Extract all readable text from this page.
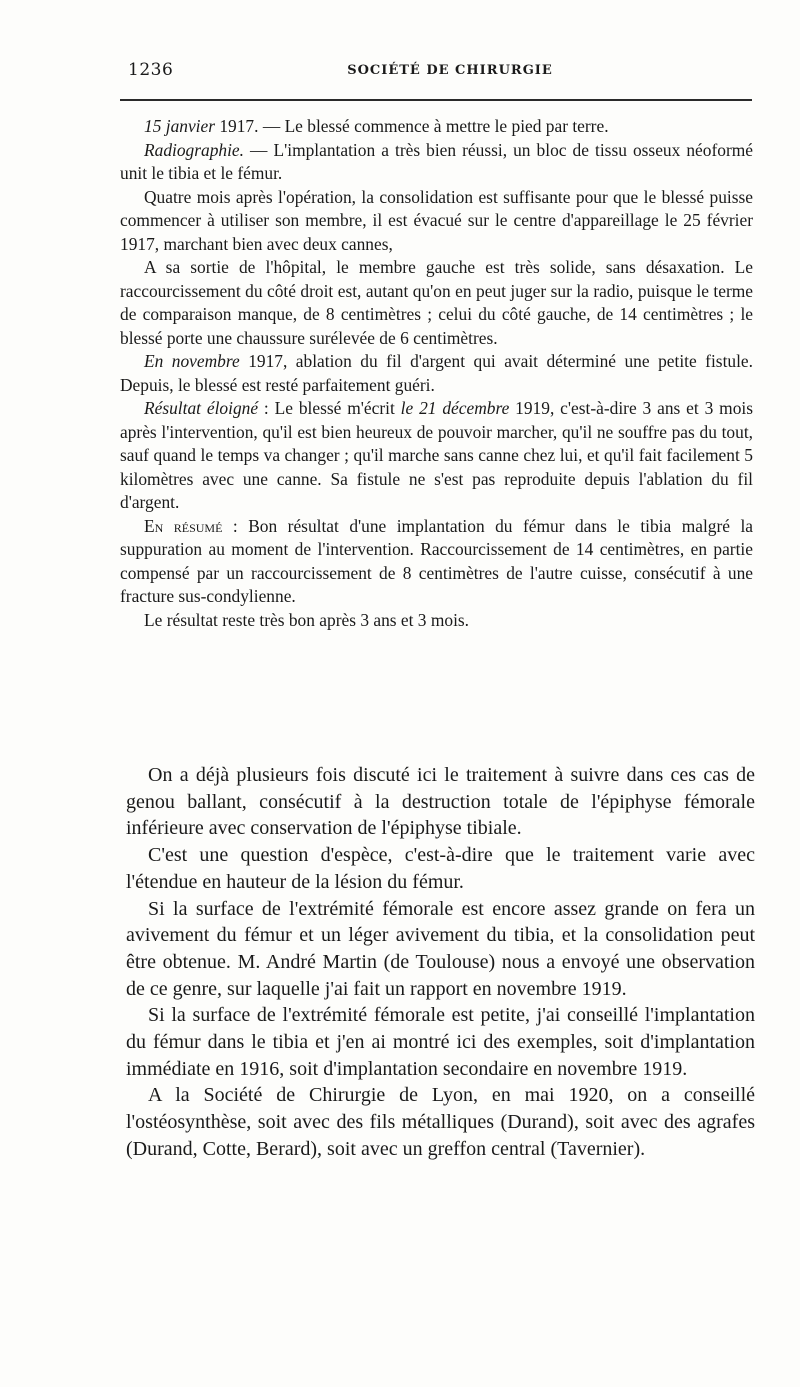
1236	SOCIÉTÉ DE CHIRURGIE

15 janvier 1917. — Le blessé commence à mettre le pied par terre.

Radiographie. — L'implantation a très bien réussi, un bloc de tissu osseux néoformé unit le tibia et le fémur.

Quatre mois après l'opération, la consolidation est suffisante pour que le blessé puisse commencer à utiliser son membre, il est évacué sur le centre d'appareillage le 25 février 1917, marchant bien avec deux cannes,

A sa sortie de l'hôpital, le membre gauche est très solide, sans désaxation. Le raccourcissement du côté droit est, autant qu'on en peut juger sur la radio, puisque le terme de comparaison manque, de 8 centimètres ; celui du côté gauche, de 14 centimètres ; le blessé porte une chaussure surélevée de 6 centimètres.

En novembre 1917, ablation du fil d'argent qui avait déterminé une petite fistule. Depuis, le blessé est resté parfaitement guéri.

Résultat éloigné : Le blessé m'écrit le 21 décembre 1919, c'est-à-dire 3 ans et 3 mois après l'intervention, qu'il est bien heureux de pouvoir marcher, qu'il ne souffre pas du tout, sauf quand le temps va changer ; qu'il marche sans canne chez lui, et qu'il fait facilement 5 kilomètres avec une canne. Sa fistule ne s'est pas reproduite depuis l'ablation du fil d'argent.

En résumé : Bon résultat d'une implantation du fémur dans le tibia malgré la suppuration au moment de l'intervention. Raccourcissement de 14 centimètres, en partie compensé par un raccourcissement de 8 centimètres de l'autre cuisse, consécutif à une fracture sus-condylienne.

Le résultat reste très bon après 3 ans et 3 mois.

On a déjà plusieurs fois discuté ici le traitement à suivre dans ces cas de genou ballant, consécutif à la destruction totale de l'épiphyse fémorale inférieure avec conservation de l'épiphyse tibiale.

C'est une question d'espèce, c'est-à-dire que le traitement varie avec l'étendue en hauteur de la lésion du fémur.

Si la surface de l'extrémité fémorale est encore assez grande on fera un avivement du fémur et un léger avivement du tibia, et la consolidation peut être obtenue. M. André Martin (de Toulouse) nous a envoyé une observation de ce genre, sur laquelle j'ai fait un rapport en novembre 1919.

Si la surface de l'extrémité fémorale est petite, j'ai conseillé l'implantation du fémur dans le tibia et j'en ai montré ici des exemples, soit d'implantation immédiate en 1916, soit d'implantation secondaire en novembre 1919.

A la Société de Chirurgie de Lyon, en mai 1920, on a conseillé l'ostéosynthèse, soit avec des fils métalliques (Durand), soit avec des agrafes (Durand, Cotte, Berard), soit avec un greffon central (Tavernier).
